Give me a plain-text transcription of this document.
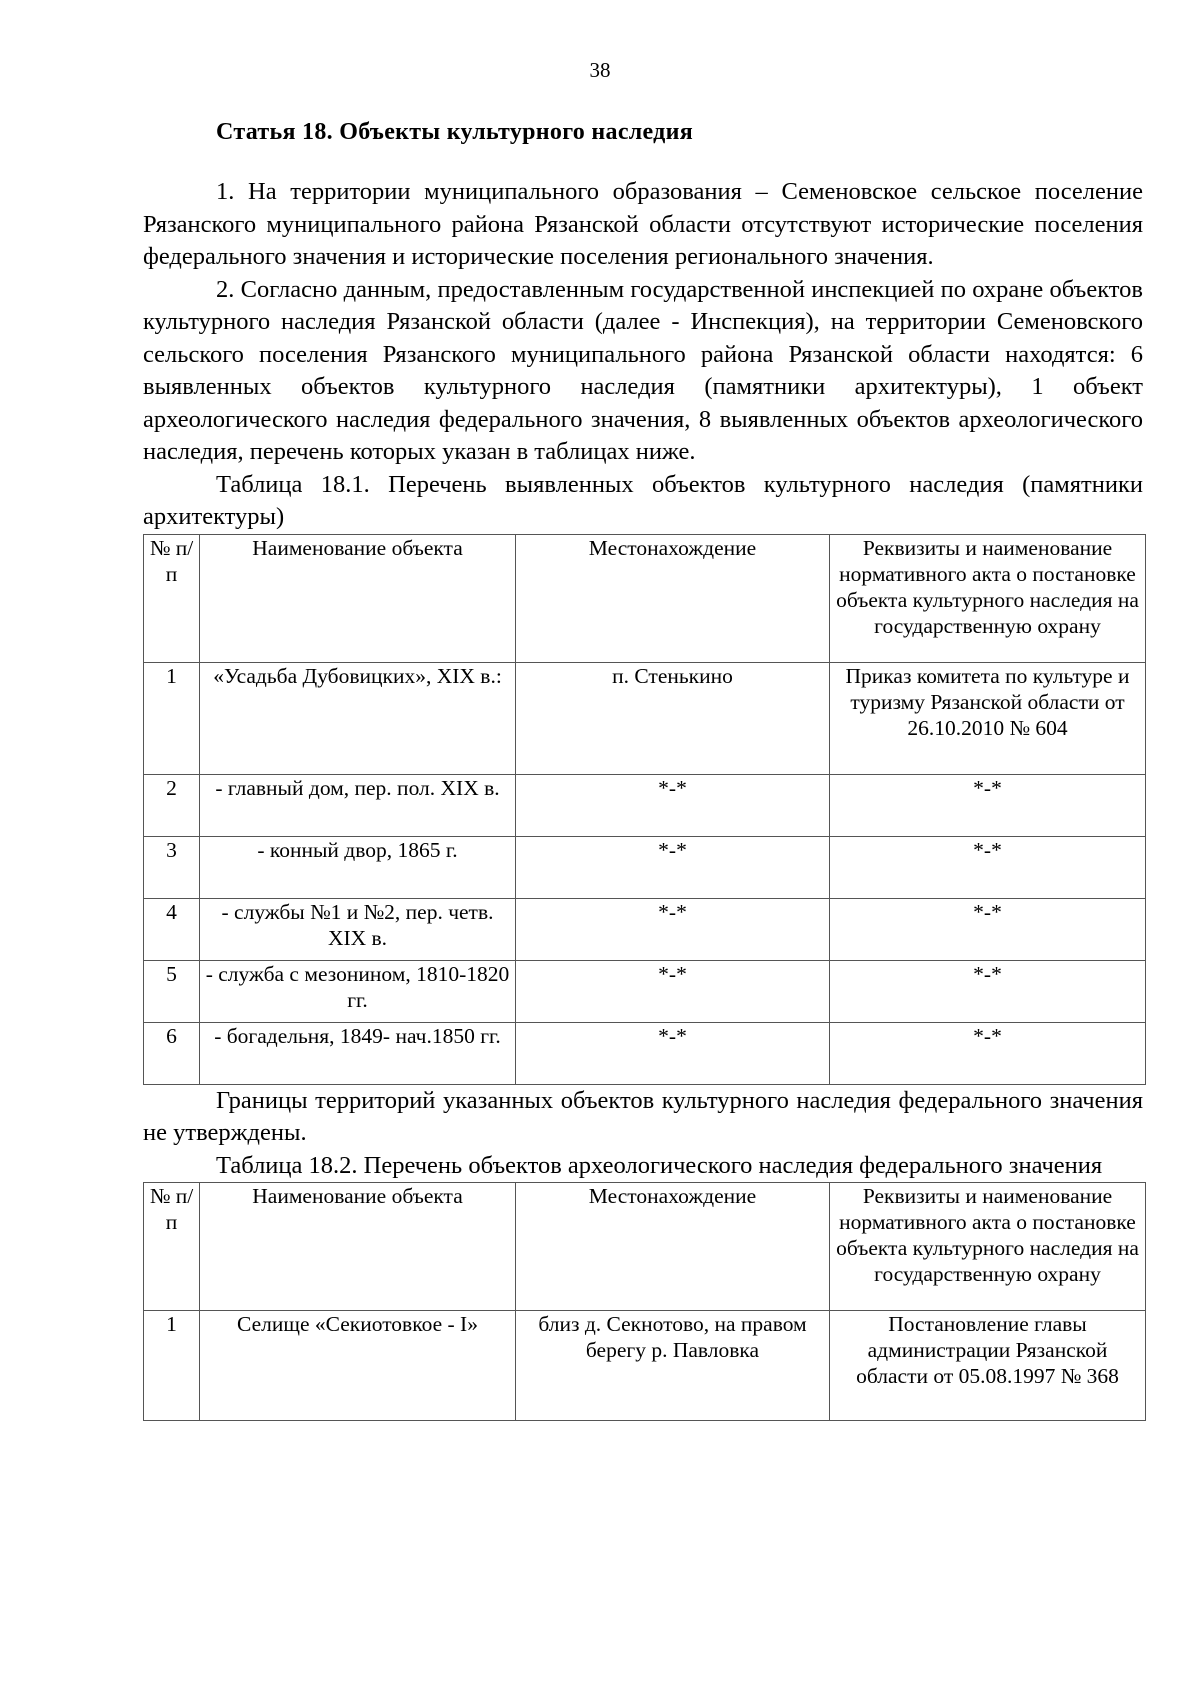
38
Статья 18. Объекты культурного наследия

1. На территории муниципального образования – Семеновское сельское поселение Рязанского муниципального района Рязанской области отсутствуют исторические поселения федерального значения и исторические поселения регионального значения.

2. Согласно данным, предоставленным государственной инспекцией по охране объектов культурного наследия Рязанской области (далее - Инспекция), на территории Семеновского сельского поселения Рязанского муниципального района Рязанской области находятся: 6 выявленных объектов культурного наследия (памятники архитектуры), 1 объект археологического наследия федерального значения, 8 выявленных объектов археологического наследия, перечень которых указан в таблицах ниже.

Таблица 18.1. Перечень выявленных объектов культурного наследия (памятники архитектуры)

№ п/п	Наименование объекта	Местонахождение	Реквизиты и наименование нормативного акта о постановке объекта культурного наследия на государственную охрану
1	«Усадьба Дубовицких», XIX в.:	п. Стенькино	Приказ комитета по культуре и туризму Рязанской области от 26.10.2010 № 604
2	- главный дом, пер. пол. XIX в.	*-*	*-*
3	- конный двор, 1865 г.	*-*	*-*
4	- службы №1 и №2, пер. четв. XIX в.	*-*	*-*
5	- служба с мезонином, 1810-1820 гг.	*-*	*-*
6	- богадельня, 1849- нач.1850 гг.	*-*	*-*

Границы территорий указанных объектов культурного наследия федерального значения не утверждены.

Таблица 18.2. Перечень объектов археологического наследия федерального значения

№ п/п	Наименование объекта	Местонахождение	Реквизиты и наименование нормативного акта о постановке объекта культурного наследия на государственную охрану
1	Селище «Секиотовкое - I»	близ д. Секнотово, на правом берегу р. Павловка	Постановление главы администрации Рязанской области от 05.08.1997 № 368
